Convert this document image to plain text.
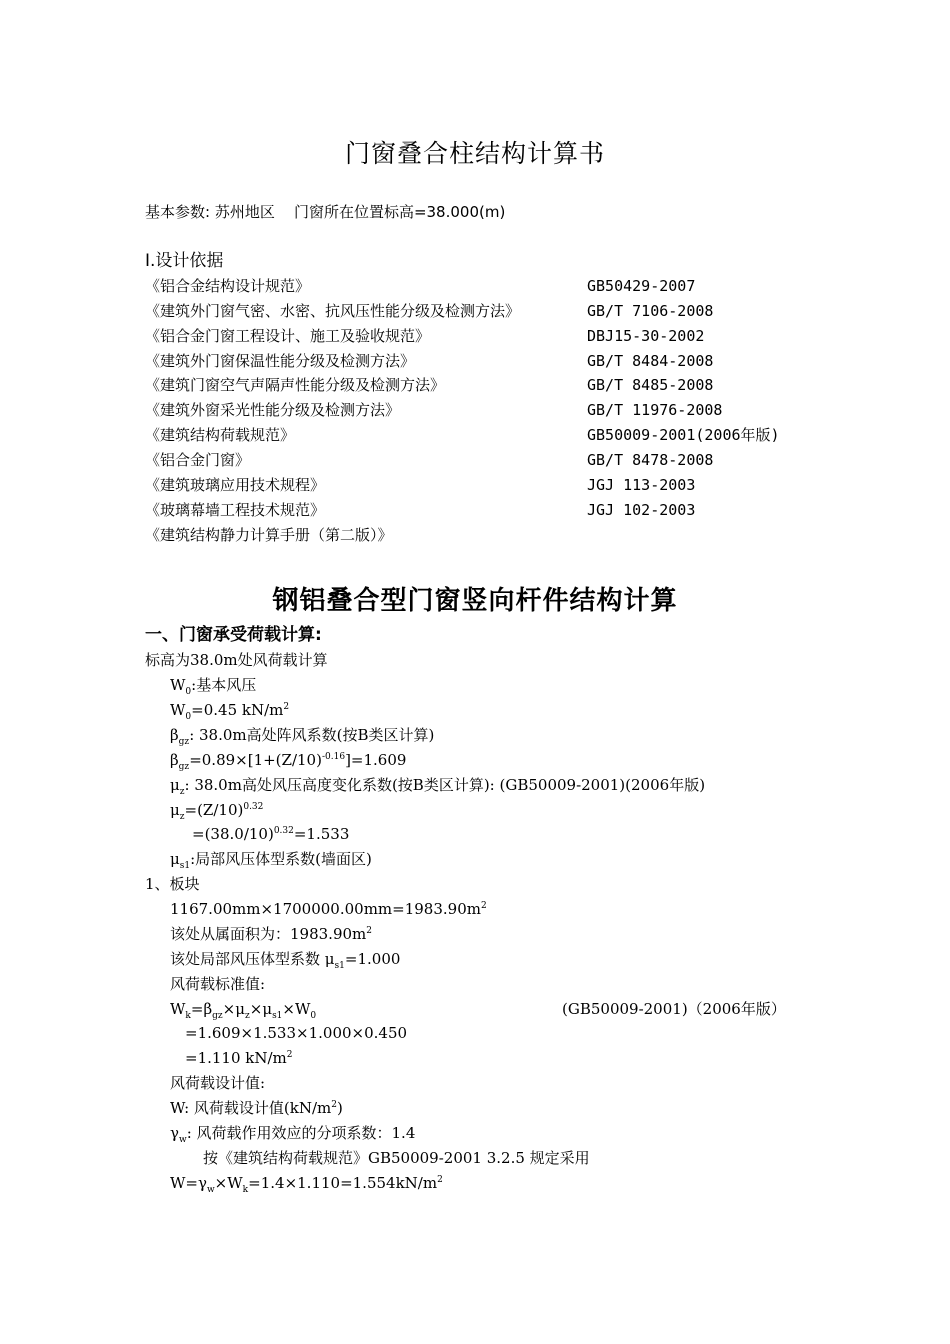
门窗叠合柱结构计算书
基本参数: 苏州地区 门窗所在位置标高=38.000(m)
Ⅰ.设计依据
《铝合金结构设计规范》	GB50429-2007
《建筑外门窗气密、水密、抗风压性能分级及检测方法》	GB/T 7106-2008
《铝合金门窗工程设计、施工及验收规范》	DBJ15-30-2002
《建筑外门窗保温性能分级及检测方法》	GB/T 8484-2008
《建筑门窗空气声隔声性能分级及检测方法》	GB/T 8485-2008
《建筑外窗采光性能分级及检测方法》	GB/T 11976-2008
《建筑结构荷载规范》	GB50009-2001(2006年版)
《铝合金门窗》	GB/T 8478-2008
《建筑玻璃应用技术规程》	JGJ 113-2003
《玻璃幕墙工程技术规范》	JGJ 102-2003
《建筑结构静力计算手册（第二版）》
钢铝叠合型门窗竖向杆件结构计算
一、门窗承受荷载计算:
标高为38.0m处风荷载计算
$W_0$:基本风压
$W_0=0.45$ $kN/m^2$
$\beta_{gz}$: 38.0m高处阵风系数(按B类区计算)
$\beta_{gz}=0.89\times[1+(Z/10)^{-0.16}]=1.609$
$\mu_z$: 38.0m高处风压高度变化系数(按B类区计算): (GB50009-2001)(2006年版)
$\mu_z=(Z/10)^{0.32}$
$=(38.0/10)^{0.32}=1.533$
$\mu_{s1}$:局部风压体型系数(墙面区)
1、板块
$1167.00mm\times 1700000.00mm=1983.90m^2$
该处从属面积为：$1983.90m^2$
该处局部风压体型系数 $\mu_{s1}=1.000$
风荷载标准值:
$W_k=\beta_{gz}\times\mu_z\times\mu_{s1}\times W_0$	(GB50009-2001)（2006年版）
=1.609×1.533×1.000×0.450
=1.110 $kN/m^2$
风荷载设计值:
W: 风荷载设计值$(kN/m^2)$
$\gamma_w$: 风荷载作用效应的分项系数：1.4
按《建筑结构荷载规范》GB50009-2001 3.2.5 规定采用
$W=\gamma_w\times W_k=1.4\times 1.110=1.554kN/m^2$
